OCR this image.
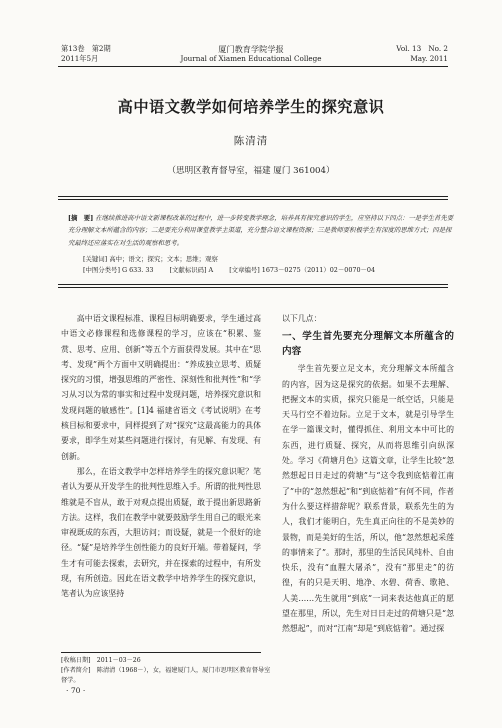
第13卷　第2期
2011年5月
厦门教育学院学报
Journal of Xiamen Educational College
Vol. 13　No. 2
May. 2011
高中语文教学如何培养学生的探究意识
陈清清
（思明区教育督导室，福建 厦门 361004）
[摘　要] 在继续推进高中语文新课程改革的过程中，进一步转变教学理念，培养具有探究意识的学生，应坚持以下四点：一是学生首先要充分理解文本所蕴含的内容；二是要充分利用课堂教学主渠道，充分整合语文课程资源；三是教师要积极学生有深度的思维方式；四是探究最终还应落实在对生活的观察和思考。
[关键词] 高中；语文；探究；文本；思维；观察
[中图分类号] G 633. 33	[文献标识码] A	[文章编号] 1673－0275（2011）02－0070－04

高中语文课程标准、课程目标明确要求，学生通过高中语文必修课程和选修课程的学习，应该在“积累、鉴赏、思考、应用、创新”等五个方面获得发展。其中在“思考、发现”两个方面中又明确提出：“养成独立思考、质疑探究的习惯，增强思维的严密性、深刻性和批判性”和“学习从习以为常的事实和过程中发现问题，培养探究意识和发现问题的敏感性”。[1]4 福建省语文《考试说明》在考核目标和要求中，同样提到了对“探究”这最高能力的具体要求，即学生对某些问题进行探讨，有见解、有发现、有创新。

那么，在语文教学中怎样培养学生的探究意识呢？笔者认为要从开发学生的批判性思维入手。所谓的批判性思维就是不盲从，敢于对观点提出质疑，敢于提出新思路新方法。这样，我们在教学中就要鼓励学生用自己的眼光来审视既成的东西，大胆访问；而设疑，就是一个很好的途径。“疑”是培养学生创性能力的良好开端。带着疑问，学生才有可能去探索，去研究，并在探索的过程中，有所发现，有所创造。因此在语文教学中培养学生的探究意识，笔者认为应该坚持

以下几点：

一、学生首先要充分理解文本所蕴含的内容

学生首先要立足文本，充分理解文本所蕴含的内容，因为这是探究的依据。如果不去理解、把握文本的实质，探究只能是一纸空话，只能是天马行空不着边际。立足于文本，就是引导学生在学一篇课文时，懂得抓住、利用文本中可比的东西，进行质疑、探究，从而将思维引向纵深处。学习《荷塘月色》这篇文章，让学生比较“忽然想起日日走过的荷塘”与“这令我到底惦着江南了”中的“忽然想起”和“到底惦着”有何不同，作者为什么要这样措辞呢？联系背景，联系先生的为人，我们才能明白，先生真正向往的不是美妙的景物，而是美好的生活，所以，他“忽然想起采莲的事情来了”。那时，那里的生活民风纯朴、自由快乐，没有“血腥大屠杀”，没有“那里走”的彷徨，有的只是天明、地净、水碧、荷香、歌艳、人美……先生就用“到底”一词来表达他真正的愿望在那里，所以，先生对日日走过的荷塘只是“忽然想起”，而对“江南”却是“到底惦着”。通过探

[收稿日期]　2011－03－26
[作者简介]　陈清清（1968－），女，福建厦门人，厦门市思明区教育督导室督学。
· 70 ·
